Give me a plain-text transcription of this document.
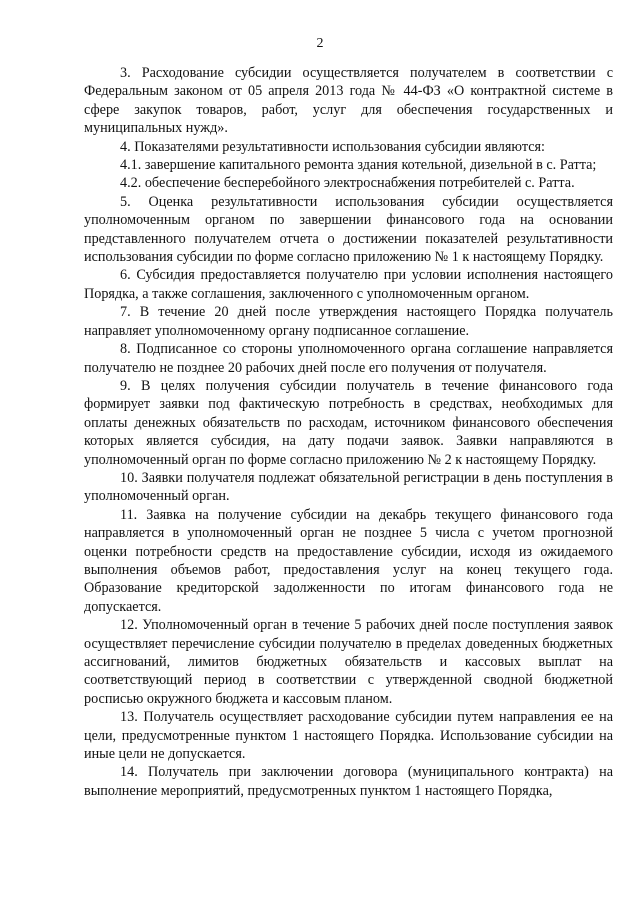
2

3. Расходование субсидии осуществляется получателем в соответствии с Федеральным законом от 05 апреля 2013 года № 44-ФЗ «О контрактной системе в сфере закупок товаров, работ, услуг для обеспечения государственных и муниципальных нужд».

4. Показателями результативности использования субсидии являются:

4.1. завершение капитального ремонта здания котельной, дизельной в с. Ратта;

4.2. обеспечение бесперебойного электроснабжения потребителей с. Ратта.

5. Оценка результативности использования субсидии осуществляется уполномоченным органом по завершении финансового года на основании представленного получателем отчета о достижении показателей результативности использования субсидии по форме согласно приложению № 1 к настоящему Порядку.

6. Субсидия предоставляется получателю при условии исполнения настоящего Порядка, а также соглашения, заключенного с уполномоченным органом.

7. В течение 20 дней после утверждения настоящего Порядка получатель направляет уполномоченному органу подписанное соглашение.

8. Подписанное со стороны уполномоченного органа соглашение направляется получателю не позднее 20 рабочих дней после его получения от получателя.

9. В целях получения субсидии получатель в течение финансового года формирует заявки под фактическую потребность в средствах, необходимых для оплаты денежных обязательств по расходам, источником финансового обеспечения которых является субсидия, на дату подачи заявок. Заявки направляются в уполномоченный орган по форме согласно приложению № 2 к настоящему Порядку.

10. Заявки получателя подлежат обязательной регистрации в день поступления в уполномоченный орган.

11. Заявка на получение субсидии на декабрь текущего финансового года направляется в уполномоченный орган не позднее 5 числа с учетом прогнозной оценки потребности средств на предоставление субсидии, исходя из ожидаемого выполнения объемов работ, предоставления услуг на конец текущего года. Образование кредиторской задолженности по итогам финансового года не допускается.

12. Уполномоченный орган в течение 5 рабочих дней после поступления заявок осуществляет перечисление субсидии получателю в пределах доведенных бюджетных ассигнований, лимитов бюджетных обязательств и кассовых выплат на соответствующий период в соответствии с утвержденной сводной бюджетной росписью окружного бюджета и кассовым планом.

13. Получатель осуществляет расходование субсидии путем направления ее на цели, предусмотренные пунктом 1 настоящего Порядка. Использование субсидии на иные цели не допускается.

14. Получатель при заключении договора (муниципального контракта) на выполнение мероприятий, предусмотренных пунктом 1 настоящего Порядка,
